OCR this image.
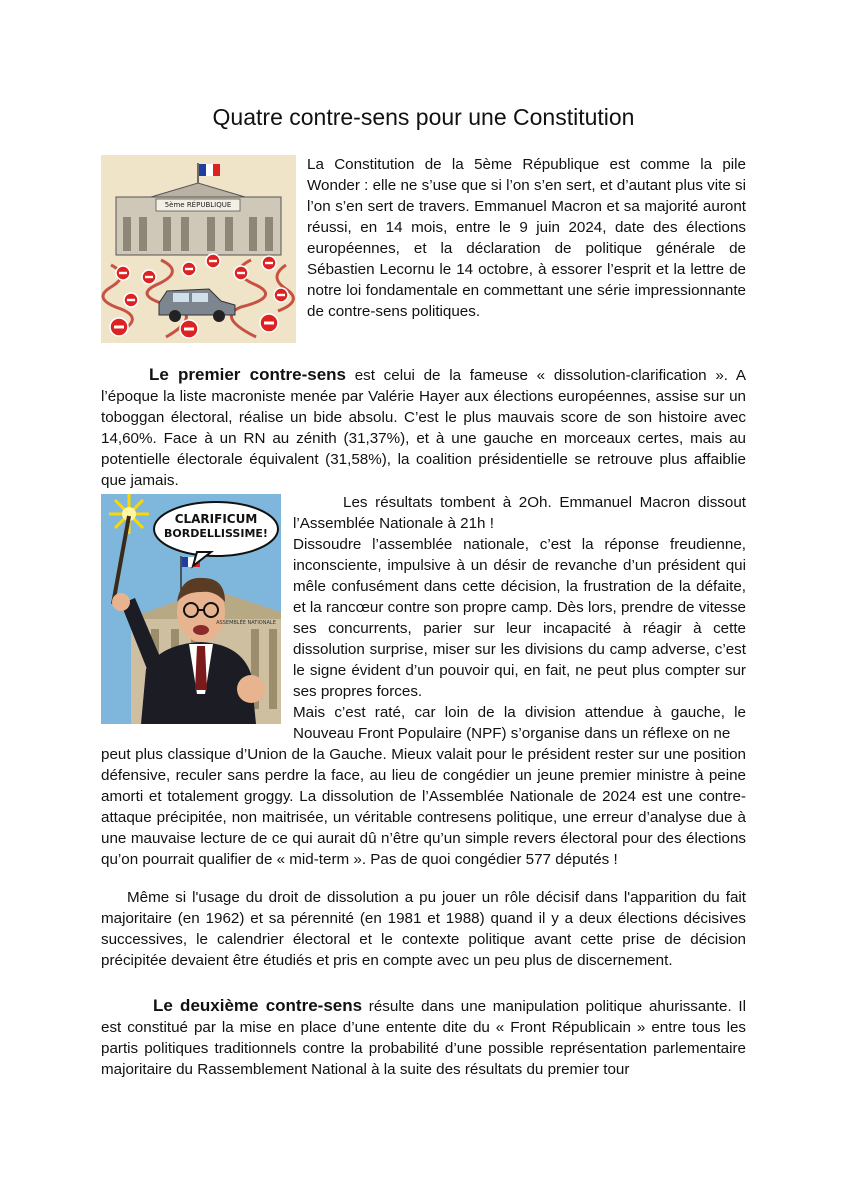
Quatre contre-sens pour une Constitution
5ème RÉPUBLIQUE

La Constitution de la 5ème République est comme la pile Wonder : elle ne s’use que si l’on s’en sert, et d’autant plus vite si l’on s’en sert de travers. Emmanuel Macron et sa majorité auront réussi, en 14 mois, entre le 9 juin 2024, date des élections européennes, et la déclaration de politique générale de Sébastien Lecornu le 14 octobre, à essorer l’esprit et la lettre de notre loi fondamentale en commettant une série impressionnante de contre-sens politiques.

Le premier contre-sens est celui de la fameuse « dissolution-clarification ». A l’époque la liste macroniste menée par Valérie Hayer aux élections européennes, assise sur un toboggan électoral, réalise un bide absolu. C’est le plus mauvais score de son histoire avec 14,60%. Face à un RN au zénith (31,37%), et à une gauche en morceaux certes, mais au potentielle électorale équivalent (31,58%), la coalition présidentielle se retrouve plus affaiblie que jamais.

CLARIFICUM
BORDELLISSIME!
ASSEMBLÉE NATIONALE

Les résultats tombent à 2Oh. Emmanuel Macron dissout l’Assemblée Nationale à 21h !

Dissoudre l’assemblée nationale, c’est la réponse freudienne, inconsciente, impulsive à un désir de revanche d’un président qui mêle confusément dans cette décision, la frustration de la défaite, et la rancœur contre son propre camp. Dès lors, prendre de vitesse ses concurrents, parier sur leur incapacité à réagir à cette dissolution surprise, miser sur les divisions du camp adverse, c’est le signe évident d’un pouvoir qui, en fait, ne peut plus compter sur ses propres forces.

Mais c’est raté, car loin de la division attendue à gauche, le Nouveau Front Populaire (NPF) s’organise dans un réflexe on ne

peut plus classique d’Union de la Gauche. Mieux valait pour le président rester sur une position défensive, reculer sans perdre la face, au lieu de congédier un jeune premier ministre à peine amorti et totalement groggy. La dissolution de l’Assemblée Nationale de 2024 est une contre-attaque précipitée, non maitrisée, un véritable contresens politique, une erreur d’analyse due à une mauvaise lecture de ce qui aurait dû n’être qu’un simple revers électoral pour des élections qu’on pourrait qualifier de « mid-term ». Pas de quoi congédier 577 députés !

Même si l'usage du droit de dissolution a pu jouer un rôle décisif dans l'apparition du fait majoritaire (en 1962) et sa pérennité (en 1981 et 1988) quand il y a deux élections décisives successives, le calendrier électoral et le contexte politique avant cette prise de décision précipitée devaient être étudiés et pris en compte avec un peu plus de discernement.

Le deuxième contre-sens résulte dans une manipulation politique ahurissante. Il est constitué par la mise en place d’une entente dite du « Front Républicain » entre tous les partis politiques traditionnels contre la probabilité d’une possible représentation parlementaire majoritaire du Rassemblement National à la suite des résultats du premier tour
